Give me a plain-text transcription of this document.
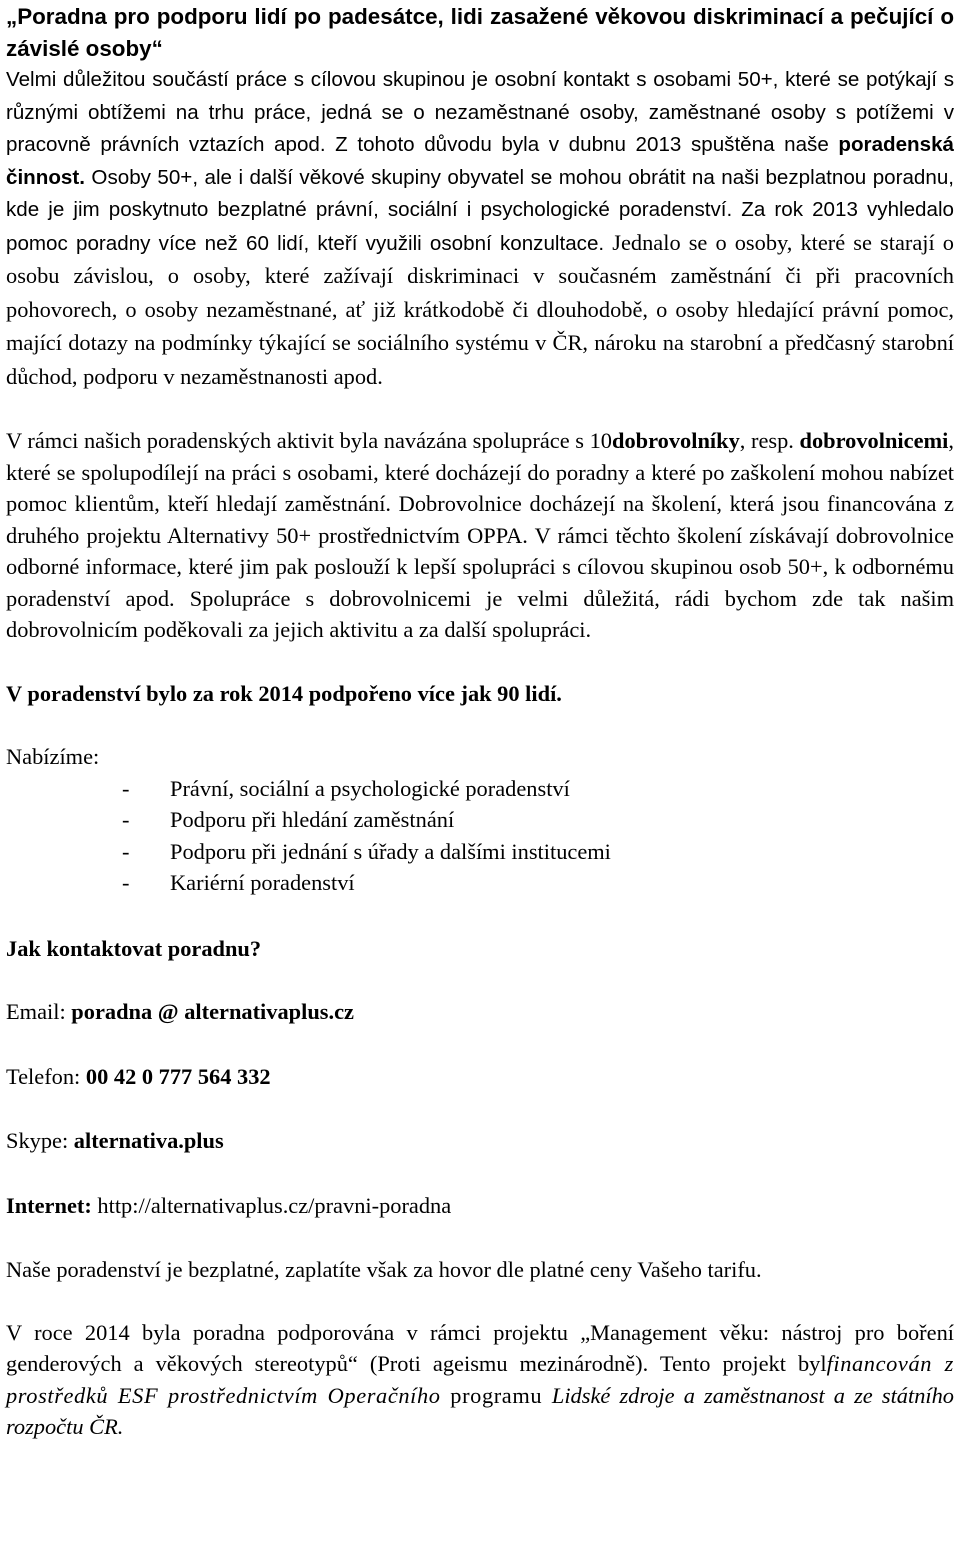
„Poradna pro podporu lidí po padesátce, lidi zasažené věkovou diskriminací a pečující o závislé osoby“

Velmi důležitou součástí práce s cílovou skupinou je osobní kontakt s osobami 50+, které se potýkají s různými obtížemi na trhu práce, jedná se o nezaměstnané osoby, zaměstnané osoby s potížemi v pracovně právních vztazích apod. Z tohoto důvodu byla v dubnu 2013 spuštěna naše poradenská činnost. Osoby 50+, ale i další věkové skupiny obyvatel se mohou obrátit na naši bezplatnou poradnu, kde je jim poskytnuto bezplatné právní, sociální i psychologické poradenství. Za rok 2013 vyhledalo pomoc poradny více než 60 lidí, kteří využili osobní konzultace. Jednalo se o osoby, které se starají o osobu závislou, o osoby, které zažívají diskriminaci v současném zaměstnání či při pracovních pohovorech, o osoby nezaměstnané, ať již krátkodobě či dlouhodobě, o osoby hledající právní pomoc, mající dotazy na podmínky týkající se sociálního systému v ČR, nároku na starobní a předčasný starobní důchod, podporu v nezaměstnanosti apod.

V rámci našich poradenských aktivit byla navázána spolupráce s 10dobrovolníky, resp. dobrovolnicemi, které se spolupodílejí na práci s osobami, které docházejí do poradny a které po zaškolení mohou nabízet pomoc klientům, kteří hledají zaměstnání. Dobrovolnice docházejí na školení, která jsou financována z druhého projektu Alternativy 50+ prostřednictvím OPPA. V rámci těchto školení získávají dobrovolnice odborné informace, které jim pak poslouží k lepší spolupráci s cílovou skupinou osob 50+, k odbornému poradenství apod. Spolupráce s dobrovolnicemi je velmi důležitá, rádi bychom zde tak našim dobrovolnicím poděkovali za jejich aktivitu a za další spolupráci.

V poradenství bylo za rok 2014 podpořeno více jak 90 lidí.

Nabízíme:
-	Právní, sociální a psychologické poradenství
-	Podporu při hledání zaměstnání
-	Podporu při jednání s úřady a dalšími institucemi
-	Kariérní poradenství
Jak kontaktovat poradnu?

Email: poradna @ alternativaplus.cz

Telefon: 00 42 0 777 564 332

Skype: alternativa.plus

Internet: http://alternativaplus.cz/pravni-poradna

Naše poradenství je bezplatné, zaplatíte však za hovor dle platné ceny Vašeho tarifu.

V roce 2014 byla poradna podporována v rámci projektu „Management věku: nástroj pro boření genderových a věkových stereotypů“ (Proti ageismu mezinárodně). Tento projekt bylfinancován z prostředků ESF prostřednictvím Operačního programu Lidské zdroje a zaměstnanost a ze státního rozpočtu ČR.
